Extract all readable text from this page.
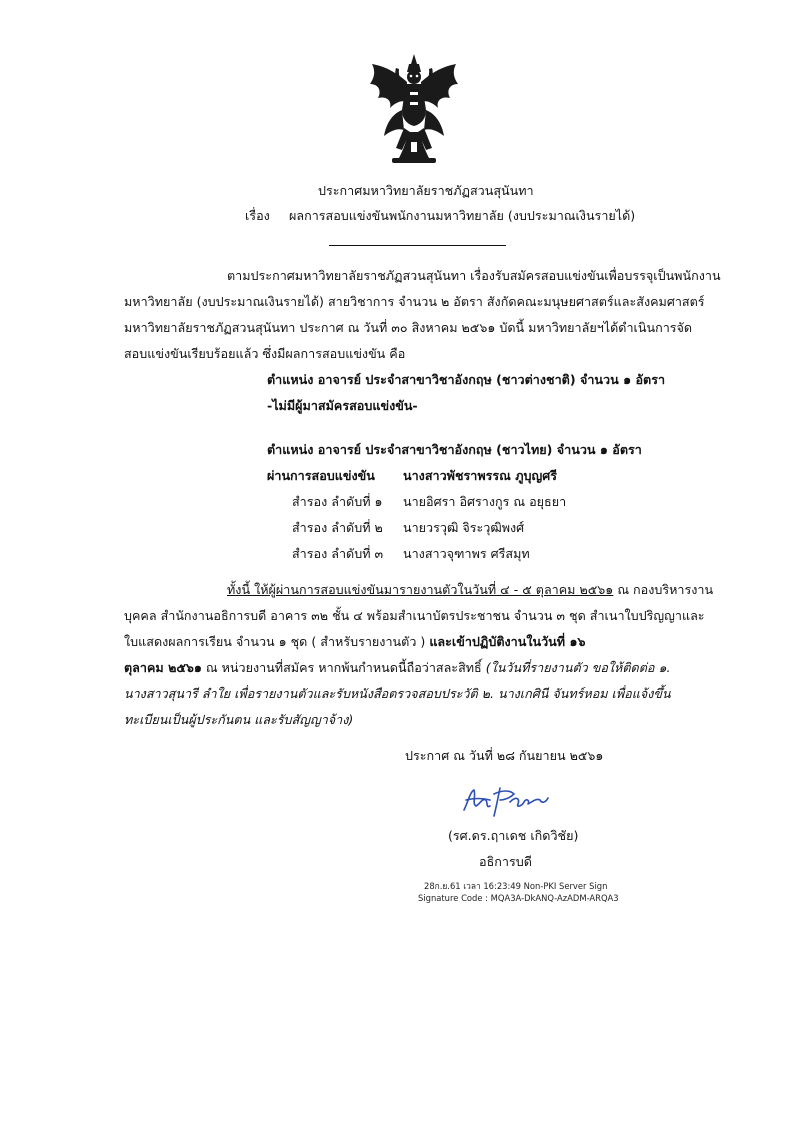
ประกาศมหาวิทยาลัยราชภัฏสวนสุนันทา
เรื่อง ผลการสอบแข่งขันพนักงานมหาวิทยาลัย (งบประมาณเงินรายได้)
ตามประกาศมหาวิทยาลัยราชภัฏสวนสุนันทา เรื่องรับสมัครสอบแข่งขันเพื่อบรรจุเป็นพนักงาน
มหาวิทยาลัย (งบประมาณเงินรายได้) สายวิชาการ จำนวน ๒ อัตรา สังกัดคณะมนุษยศาสตร์และสังคมศาสตร์
มหาวิทยาลัยราชภัฏสวนสุนันทา ประกาศ ณ วันที่ ๓๐ สิงหาคม ๒๕๖๑ บัดนี้ มหาวิทยาลัยฯได้ดำเนินการจัด
สอบแข่งขันเรียบร้อยแล้ว ซึ่งมีผลการสอบแข่งขัน คือ
ตำแหน่ง อาจารย์ ประจำสาขาวิชาอังกฤษ (ชาวต่างชาติ) จำนวน ๑ อัตรา
-ไม่มีผู้มาสมัครสอบแข่งขัน-
ตำแหน่ง อาจารย์ ประจำสาขาวิชาอังกฤษ (ชาวไทย) จำนวน ๑ อัตรา
ผ่านการสอบแข่งขัน นางสาวพัชราพรรณ ภูบุญศรี
สำรอง ลำดับที่ ๑ นายอิศรา อิศรางกูร ณ อยุธยา
สำรอง ลำดับที่ ๒ นายวรวุฒิ จิระวุฒิพงศ์
สำรอง ลำดับที่ ๓ นางสาวจุฑาพร ศรีสมุท
ทั้งนี้ ให้ผู้ผ่านการสอบแข่งขันมารายงานตัวในวันที่ ๔ - ๕ ตุลาคม ๒๕๖๑ ณ กองบริหารงาน
บุคคล สำนักงานอธิการบดี อาคาร ๓๒ ชั้น ๔ พร้อมสำเนาบัตรประชาชน จำนวน ๓ ชุด สำเนาใบปริญญาและ
ใบแสดงผลการเรียน จำนวน ๑ ชุด ( สำหรับรายงานตัว ) และเข้าปฏิบัติงานในวันที่ ๑๖
ตุลาคม ๒๕๖๑ ณ หน่วยงานที่สมัคร หากพ้นกำหนดนี้ถือว่าสละสิทธิ์ (ในวันที่รายงานตัว ขอให้ติดต่อ ๑.
นางสาวสุนารี ลำใย เพื่อรายงานตัวและรับหนังสือตรวจสอบประวัติ ๒. นางเกศินี จันทร์หอม เพื่อแจ้งขึ้น
ทะเบียนเป็นผู้ประกันตน และรับสัญญาจ้าง)
ประกาศ ณ วันที่ ๒๘ กันยายน ๒๕๖๑
(รศ.ดร.ฤาเดช เกิดวิชัย)
อธิการบดี
28ก.ย.61 เวลา 16:23:49 Non-PKI Server Sign
Signature Code : MQA3A-DkANQ-AzADM-ARQA3
